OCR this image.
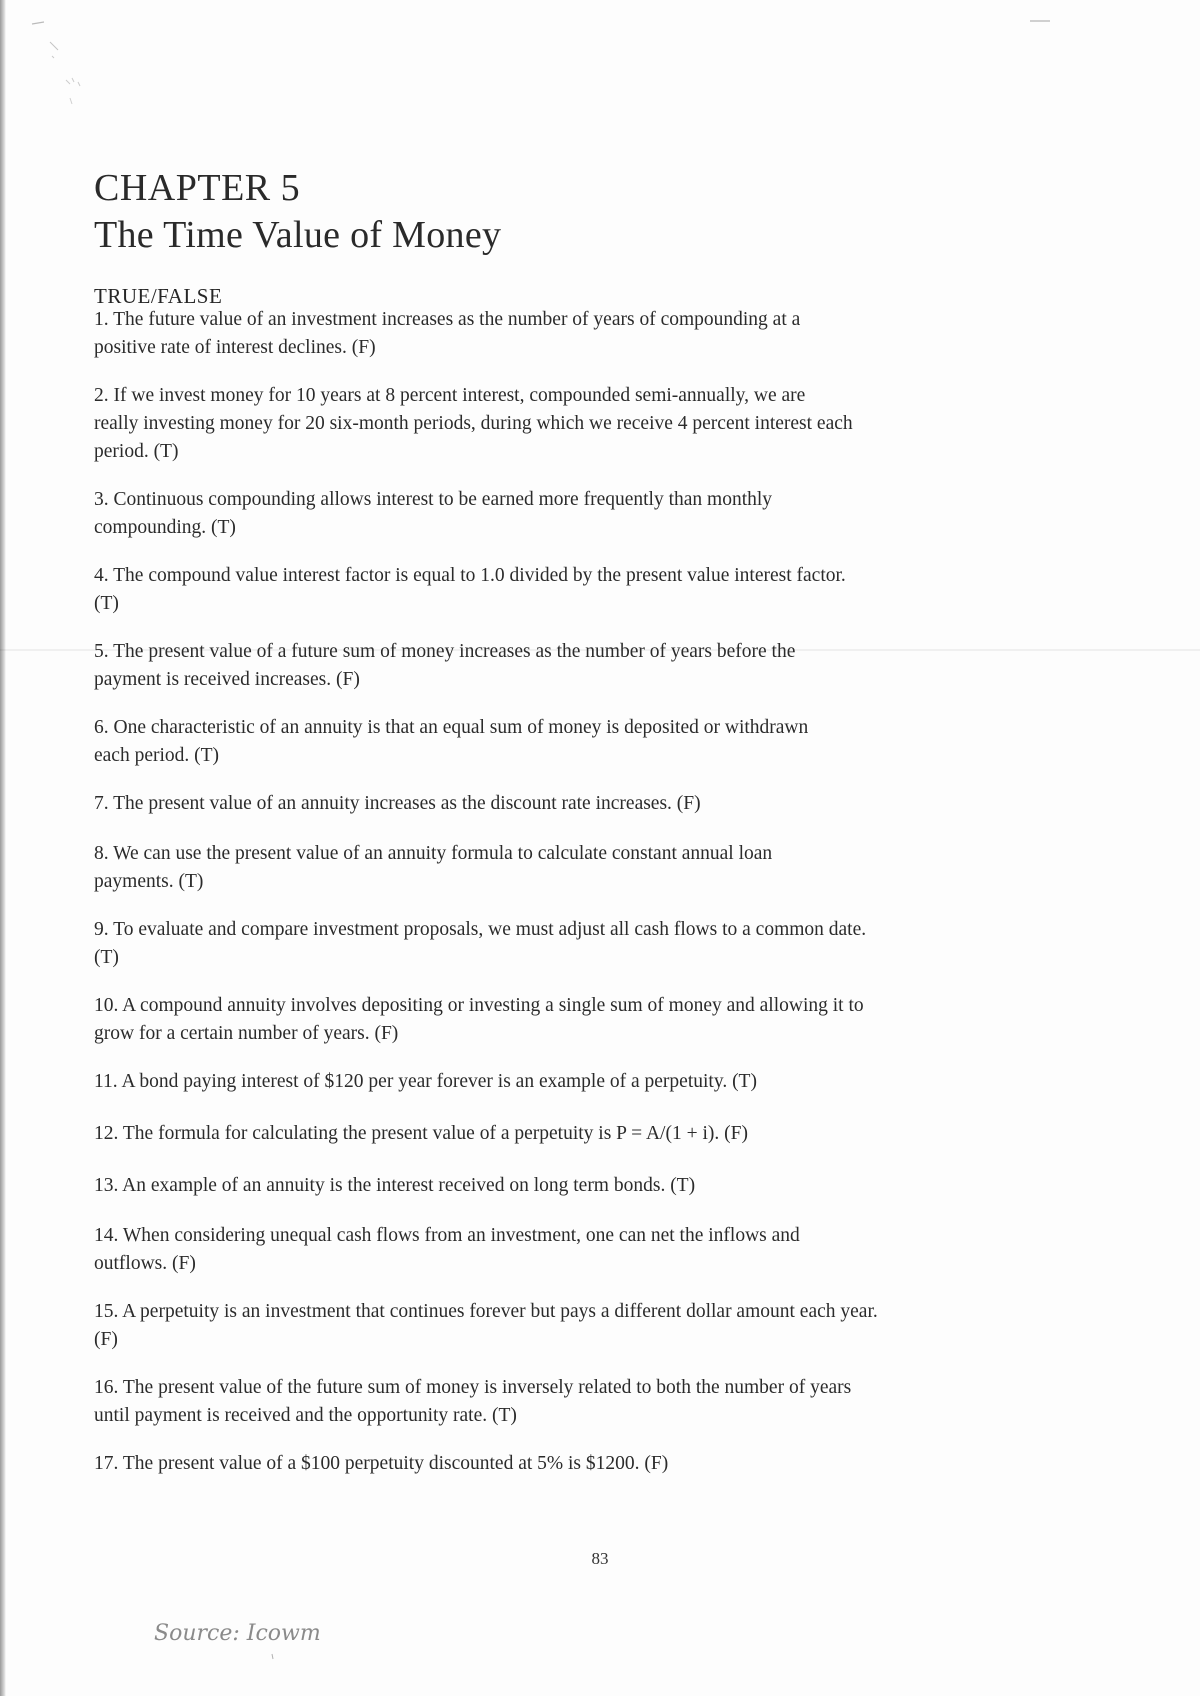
CHAPTER 5
The Time Value of Money
TRUE/FALSE
1. The future value of an investment increases as the number of years of compounding at a
positive rate of interest declines. (F)
2. If we invest money for 10 years at 8 percent interest, compounded semi-annually, we are
really investing money for 20 six-month periods, during which we receive 4 percent interest each
period. (T)
3. Continuous compounding allows interest to be earned more frequently than monthly
compounding. (T)
4. The compound value interest factor is equal to 1.0 divided by the present value interest factor.
(T)
5. The present value of a future sum of money increases as the number of years before the
payment is received increases. (F)
6. One characteristic of an annuity is that an equal sum of money is deposited or withdrawn
each period. (T)
7. The present value of an annuity increases as the discount rate increases. (F)
8. We can use the present value of an annuity formula to calculate constant annual loan
payments. (T)
9. To evaluate and compare investment proposals, we must adjust all cash flows to a common date.
(T)
10. A compound annuity involves depositing or investing a single sum of money and allowing it to
grow for a certain number of years. (F)
11. A bond paying interest of $120 per year forever is an example of a perpetuity. (T)
12. The formula for calculating the present value of a perpetuity is P = A/(1 + i). (F)
13. An example of an annuity is the interest received on long term bonds. (T)
14. When considering unequal cash flows from an investment, one can net the inflows and
outflows. (F)
15. A perpetuity is an investment that continues forever but pays a different dollar amount each year.
(F)
16. The present value of the future sum of money is inversely related to both the number of years
until payment is received and the opportunity rate. (T)
17. The present value of a $100 perpetuity discounted at 5% is $1200. (F)
83
Source: Icowm
